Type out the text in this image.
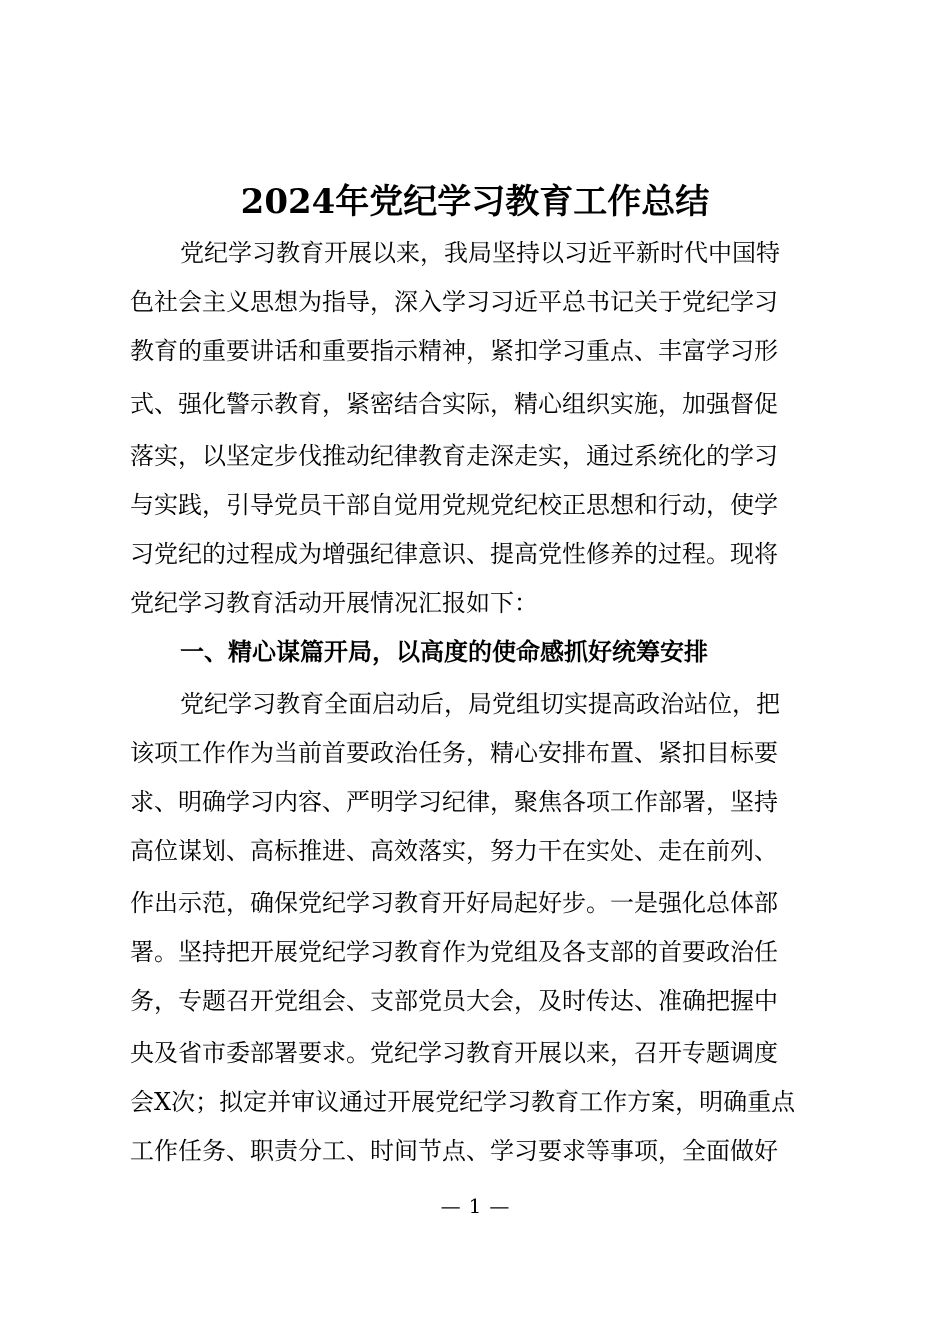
2024年党纪学习教育工作总结
党纪学习教育开展以来，我局坚持以习近平新时代中国特
色社会主义思想为指导，深入学习习近平总书记关于党纪学习
教育的重要讲话和重要指示精神，紧扣学习重点、丰富学习形
式、强化警示教育，紧密结合实际，精心组织实施，加强督促
落实，以坚定步伐推动纪律教育走深走实，通过系统化的学习
与实践，引导党员干部自觉用党规党纪校正思想和行动，使学
习党纪的过程成为增强纪律意识、提高党性修养的过程。现将
党纪学习教育活动开展情况汇报如下：
一、精心谋篇开局，以高度的使命感抓好统筹安排
党纪学习教育全面启动后，局党组切实提高政治站位，把
该项工作作为当前首要政治任务，精心安排布置、紧扣目标要
求、明确学习内容、严明学习纪律，聚焦各项工作部署，坚持
高位谋划、高标推进、高效落实，努力干在实处、走在前列、
作出示范，确保党纪学习教育开好局起好步。一是强化总体部
署。坚持把开展党纪学习教育作为党组及各支部的首要政治任
务，专题召开党组会、支部党员大会，及时传达、准确把握中
央及省市委部署要求。党纪学习教育开展以来，召开专题调度
会X次；拟定并审议通过开展党纪学习教育工作方案，明确重点
工作任务、职责分工、时间节点、学习要求等事项，全面做好
— 1 —
